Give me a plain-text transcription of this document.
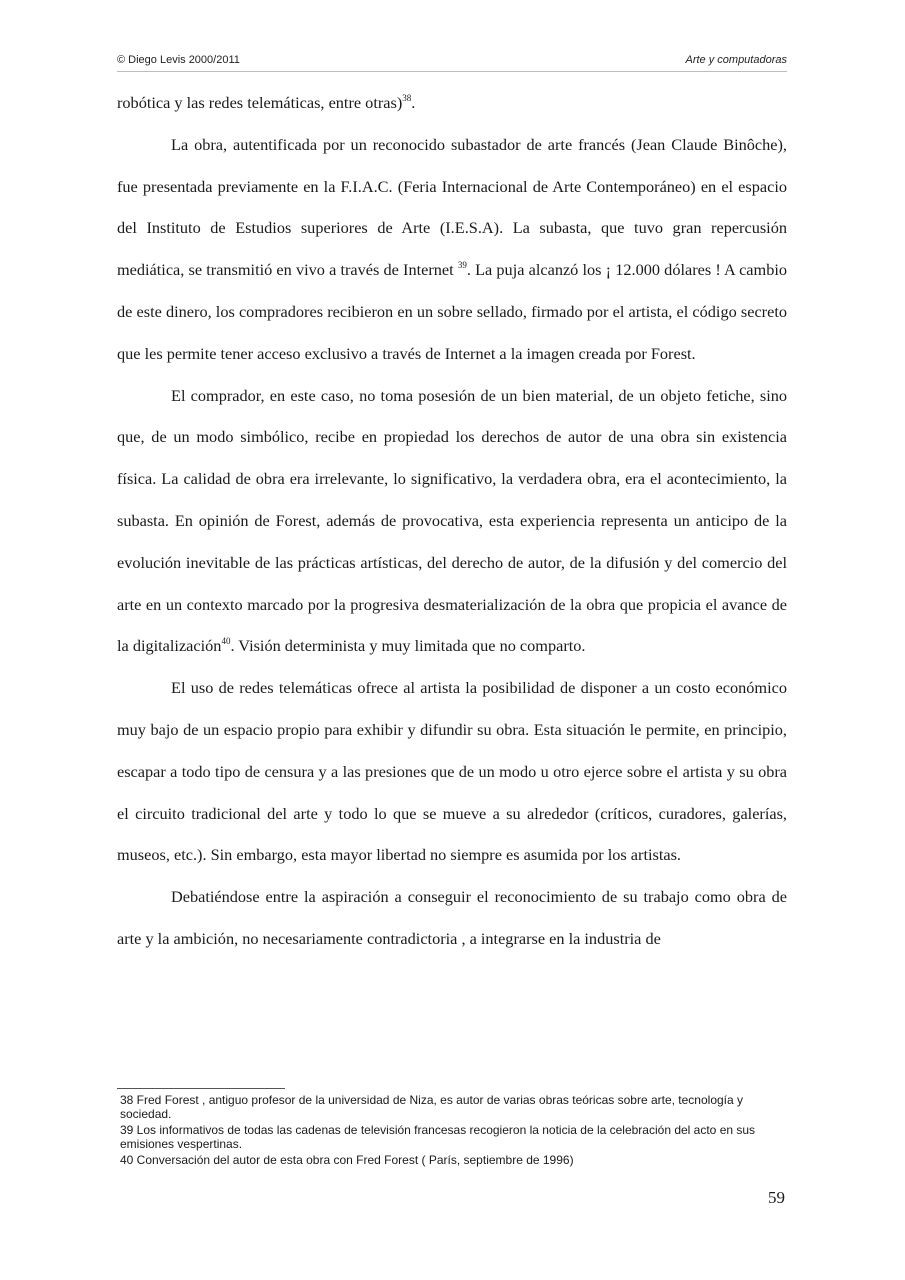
© Diego Levis 2000/2011	Arte y computadoras

robótica y las redes telemáticas, entre otras)$^{38}$.

La obra, autentificada por un reconocido subastador de arte francés (Jean Claude Binôche), fue presentada previamente en la F.I.A.C. (Feria Internacional de Arte Contemporáneo) en el espacio del Instituto de Estudios superiores de Arte (I.E.S.A). La subasta, que tuvo gran repercusión mediática, se transmitió en vivo a través de Internet $^{39}$. La puja alcanzó los ¡ 12.000 dólares ! A cambio de este dinero, los compradores recibieron en un sobre sellado, firmado por el artista, el código secreto que les permite tener acceso exclusivo a través de Internet a la imagen creada por Forest.

El comprador, en este caso, no toma posesión de un bien material, de un objeto fetiche, sino que, de un modo simbólico, recibe en propiedad los derechos de autor de una obra sin existencia física. La calidad de obra era irrelevante, lo significativo, la verdadera obra, era el acontecimiento, la subasta. En opinión de Forest, además de provocativa, esta experiencia representa un anticipo de la evolución inevitable de las prácticas artísticas, del derecho de autor, de la difusión y del comercio del arte en un contexto marcado por la progresiva desmaterialización de la obra que propicia el avance de la digitalización$^{40}$. Visión determinista y muy limitada que no comparto.

El uso de redes telemáticas ofrece al artista la posibilidad de disponer a un costo económico muy bajo de un espacio propio para exhibir y difundir su obra. Esta situación le permite, en principio, escapar a todo tipo de censura y a las presiones que de un modo u otro ejerce sobre el artista y su obra el circuito tradicional del arte y todo lo que se mueve a su alrededor (críticos, curadores, galerías, museos, etc.). Sin embargo, esta mayor libertad no siempre es asumida por los artistas.

Debatiéndose entre la aspiración a conseguir el reconocimiento de su trabajo como obra de arte y la ambición, no necesariamente contradictoria , a integrarse en la industria de

38 Fred Forest , antiguo profesor de la universidad de Niza, es autor de varias obras teóricas sobre arte, tecnología y sociedad.

39 Los informativos de todas las cadenas de televisión francesas recogieron la noticia de la celebración del acto en sus emisiones vespertinas.

40 Conversación del autor de esta obra con Fred Forest ( París, septiembre de 1996)

59
